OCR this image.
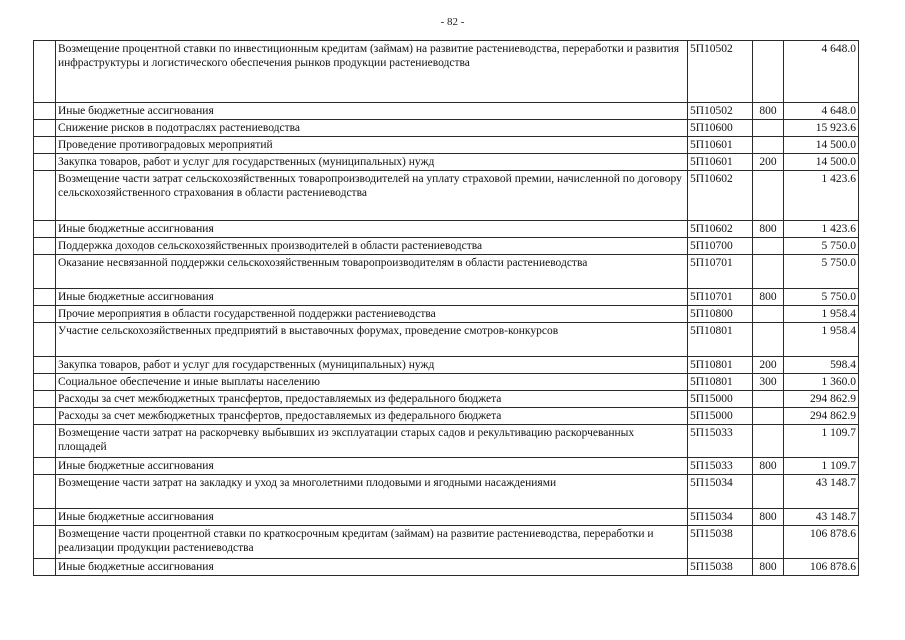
- 82 -
	Возмещение процентной ставки по инвестиционным кредитам (займам) на развитие растениеводства, переработки и развития инфраструктуры и логистического обеспечения рынков продукции растениеводства	5П10502		4 648.0
	Иные бюджетные ассигнования	5П10502	800	4 648.0
	Снижение рисков в подотраслях растениеводства	5П10600		15 923.6
	Проведение противоградовых мероприятий	5П10601		14 500.0
	Закупка товаров, работ и услуг для государственных (муниципальных) нужд	5П10601	200	14 500.0
	Возмещение части затрат сельскохозяйственных товаропроизводителей на уплату страховой премии, начисленной по договору сельскохозяйственного страхования в области растениеводства	5П10602		1 423.6
	Иные бюджетные ассигнования	5П10602	800	1 423.6
	Поддержка доходов сельскохозяйственных производителей в области растениеводства	5П10700		5 750.0
	Оказание несвязанной поддержки сельскохозяйственным товаропроизводителям в области растениеводства	5П10701		5 750.0
	Иные бюджетные ассигнования	5П10701	800	5 750.0
	Прочие мероприятия в области государственной поддержки растениеводства	5П10800		1 958.4
	Участие сельскохозяйственных предприятий в выставочных форумах, проведение смотров-конкурсов	5П10801		1 958.4
	Закупка товаров, работ и услуг для государственных (муниципальных) нужд	5П10801	200	598.4
	Социальное обеспечение и иные выплаты населению	5П10801	300	1 360.0
	Расходы за счет межбюджетных трансфертов, предоставляемых из федерального бюджета	5П15000		294 862.9
	Расходы за счет межбюджетных трансфертов, предоставляемых из федерального бюджета	5П15000		294 862.9
	Возмещение части затрат на раскорчевку выбывших из эксплуатации старых садов и рекультивацию раскорчеванных площадей	5П15033		1 109.7
	Иные бюджетные ассигнования	5П15033	800	1 109.7
	Возмещение части затрат на закладку и уход за многолетними плодовыми и ягодными насаждениями	5П15034		43 148.7
	Иные бюджетные ассигнования	5П15034	800	43 148.7
	Возмещение части процентной ставки по краткосрочным кредитам (займам) на развитие растениеводства, переработки и реализации продукции растениеводства	5П15038		106 878.6
	Иные бюджетные ассигнования	5П15038	800	106 878.6
